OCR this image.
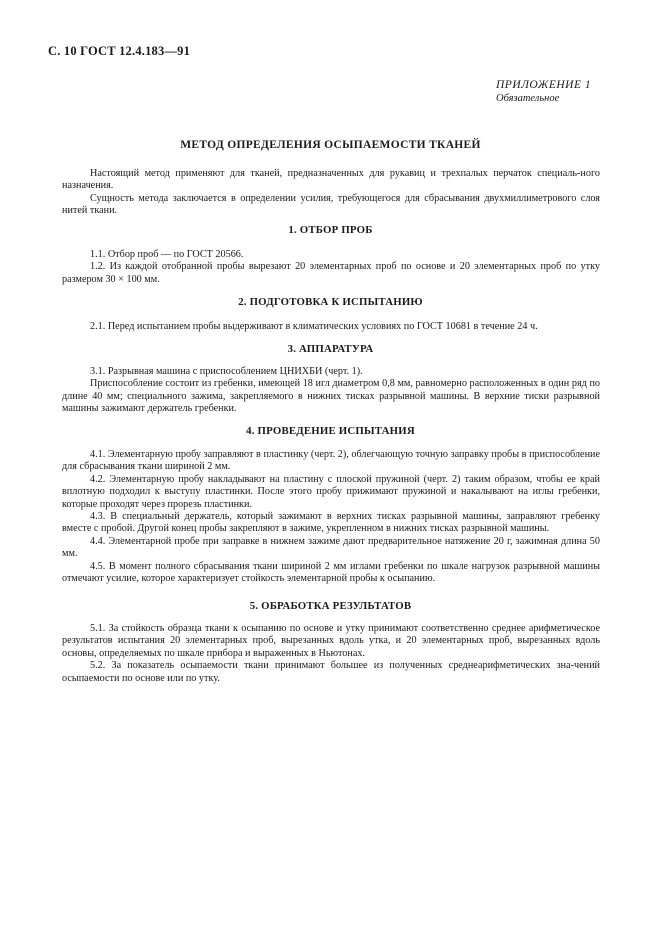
С. 10 ГОСТ 12.4.183—91
ПРИЛОЖЕНИЕ 1
Обязательное
МЕТОД ОПРЕДЕЛЕНИЯ ОСЫПАЕМОСТИ ТКАНЕЙ

Настоящий метод применяют для тканей, предназначенных для рукавиц и трехпалых перчаток специаль-ного назначения.

Сущность метода заключается в определении усилия, требующегося для сбрасывания двухмиллиметрового слоя нитей ткани.

1. ОТБОР ПРОБ

1.1. Отбор проб — по ГОСТ 20566.

1.2. Из каждой отобранной пробы вырезают 20 элементарных проб по основе и 20 элементарных проб по утку размером 30 × 100 мм.

2. ПОДГОТОВКА К ИСПЫТАНИЮ

2.1. Перед испытанием пробы выдерживают в климатических условиях по ГОСТ 10681 в течение 24 ч.

3. АППАРАТУРА

3.1. Разрывная машина с приспособлением ЦНИХБИ (черт. 1).

Приспособление состоит из гребенки, имеющей 18 игл диаметром 0,8 мм, равномерно расположенных в один ряд по длине 40 мм; специального зажима, закрепляемого в нижних тисках разрывной машины. В верхние тиски разрывной машины зажимают держатель гребенки.

4. ПРОВЕДЕНИЕ ИСПЫТАНИЯ

4.1. Элементарную пробу заправляют в пластинку (черт. 2), облегчающую точную заправку пробы в приспособление для сбрасывания ткани шириной 2 мм.

4.2. Элементарную пробу накладывают на пластину с плоской пружиной (черт. 2) таким образом, чтобы ее край вплотную подходил к выступу пластинки. После этого пробу прижимают пружиной и накалывают на иглы гребенки, которые проходят через прорезь пластинки.

4.3. В специальный держатель, который зажимают в верхних тисках разрывной машины, заправляют гребенку вместе с пробой. Другой конец пробы закрепляют в зажиме, укрепленном в нижних тисках разрывной машины.

4.4. Элементарной пробе при заправке в нижнем зажиме дают предварительное натяжение 20 г, зажимная длина 50 мм.

4.5. В момент полного сбрасывания ткани шириной 2 мм иглами гребенки по шкале нагрузок разрывной машины отмечают усилие, которое характеризует стойкость элементарной пробы к осыпанию.

5. ОБРАБОТКА РЕЗУЛЬТАТОВ

5.1. За стойкость образца ткани к осыпанию по основе и утку принимают соответственно среднее арифметическое результатов испытания 20 элементарных проб, вырезанных вдоль утка, и 20 элементарных проб, вырезанных вдоль основы, определяемых по шкале прибора и выраженных в Ньютонах.

5.2. За показатель осыпаемости ткани принимают большее из полученных среднеарифметических зна-чений осыпаемости по основе или по утку.
